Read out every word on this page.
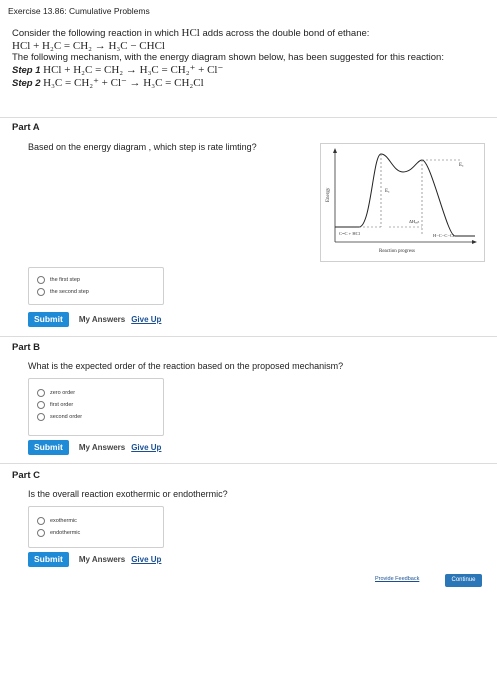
Exercise 13.86: Cumulative Problems
Consider the following reaction in which HCl adds across the double bond of ethane:
HCl + H₂C = CH₂ → H₃C − CHCl
The following mechanism, with the energy diagram shown below, has been suggested for this reaction:
Step 1 HCl + H₂C = CH₂ → H₃C = CH₂⁺ + Cl⁻
Step 2 H₃C = CH₂⁺ + Cl⁻ → H₃C = CH₂Cl
Part A
Based on the energy diagram , which step is rate limting?
Energy
Reaction progress
Eₐ
Eₐ
ΔHᵣₓₙ
C=C + HCl	H−C−C−Cl
the first step
the second step
Submit	My Answers Give Up
Part B
What is the expected order of the reaction based on the proposed mechanism?
zero order
first order
second order
Submit	My Answers Give Up
Part C
Is the overall reaction exothermic or endothermic?
exothermic
endothermic
Submit	My Answers Give Up
Provide Feedback	Continue
